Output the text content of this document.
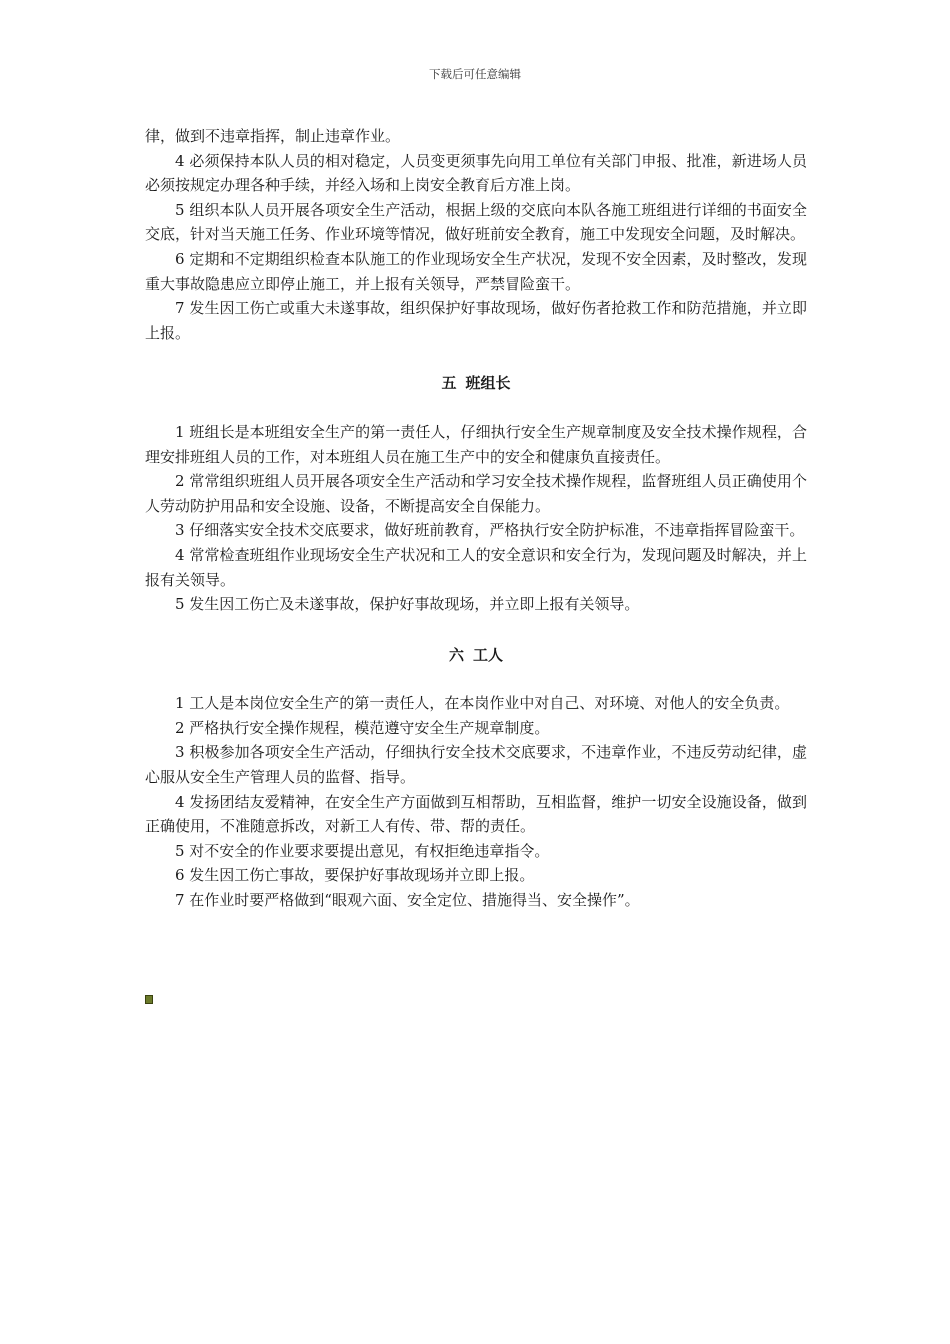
下载后可任意编辑

律，做到不违章指挥，制止违章作业。

4 必须保持本队人员的相对稳定，人员变更须事先向用工单位有关部门申报、批准，新进场人员必须按规定办理各种手续，并经入场和上岗安全教育后方准上岗。

5 组织本队人员开展各项安全生产活动，根据上级的交底向本队各施工班组进行详细的书面安全交底，针对当天施工任务、作业环境等情况，做好班前安全教育，施工中发现安全问题，及时解决。

6 定期和不定期组织检查本队施工的作业现场安全生产状况，发现不安全因素，及时整改，发现重大事故隐患应立即停止施工，并上报有关领导，严禁冒险蛮干。

7 发生因工伤亡或重大未遂事故，组织保护好事故现场，做好伤者抢救工作和防范措施，并立即上报。

五 班组长

1 班组长是本班组安全生产的第一责任人，仔细执行安全生产规章制度及安全技术操作规程，合理安排班组人员的工作，对本班组人员在施工生产中的安全和健康负直接责任。

2 常常组织班组人员开展各项安全生产活动和学习安全技术操作规程，监督班组人员正确使用个人劳动防护用品和安全设施、设备，不断提高安全自保能力。

3 仔细落实安全技术交底要求，做好班前教育，严格执行安全防护标准，不违章指挥冒险蛮干。

4 常常检查班组作业现场安全生产状况和工人的安全意识和安全行为，发现问题及时解决，并上报有关领导。

5 发生因工伤亡及未遂事故，保护好事故现场，并立即上报有关领导。

六 工人

1 工人是本岗位安全生产的第一责任人，在本岗作业中对自己、对环境、对他人的安全负责。

2 严格执行安全操作规程，模范遵守安全生产规章制度。

3 积极参加各项安全生产活动，仔细执行安全技术交底要求，不违章作业，不违反劳动纪律，虚心服从安全生产管理人员的监督、指导。

4 发扬团结友爱精神，在安全生产方面做到互相帮助，互相监督，维护一切安全设施设备，做到正确使用，不准随意拆改，对新工人有传、带、帮的责任。

5 对不安全的作业要求要提出意见，有权拒绝违章指令。

6 发生因工伤亡事故，要保护好事故现场并立即上报。

7 在作业时要严格做到“眼观六面、安全定位、措施得当、安全操作”。
